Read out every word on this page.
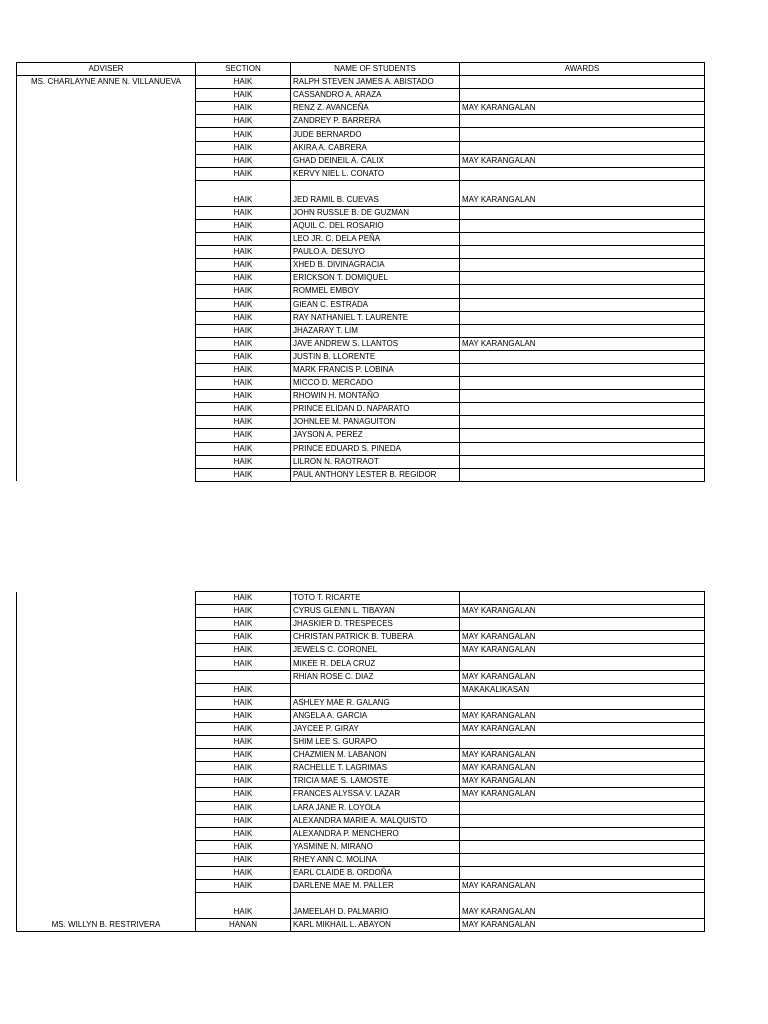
ADVISER	SECTION	NAME OF STUDENTS	AWARDS
MS. CHARLAYNE ANNE N. VILLANUEVA	HAIK	RALPH STEVEN JAMES A. ABISTADO	
	HAIK	CASSANDRO A. ARAZA	
	HAIK	RENZ Z. AVANCEÑA	MAY KARANGALAN
	HAIK	ZANDREY P. BARRERA	
	HAIK	JUDE BERNARDO	
	HAIK	AKIRA A. CABRERA	
	HAIK	GHAD DEINEIL A. CALIX	MAY KARANGALAN
	HAIK	KERVY NIEL L. CONATO	
	HAIK	JED RAMIL B. CUEVAS	MAY KARANGALAN
	HAIK	JOHN RUSSLE B. DE GUZMAN	
	HAIK	AQUIL C. DEL ROSARIO	
	HAIK	LEO JR. C. DELA PEÑA	
	HAIK	PAULO A. DESUYO	
	HAIK	XHED B. DIVINAGRACIA	
	HAIK	ERICKSON T. DOMIQUEL	
	HAIK	ROMMEL EMBOY	
	HAIK	GIEAN C. ESTRADA	
	HAIK	RAY NATHANIEL T. LAURENTE	
	HAIK	JHAZARAY T. LIM	
	HAIK	JAVE ANDREW S. LLANTOS	MAY KARANGALAN
	HAIK	JUSTIN B. LLORENTE	
	HAIK	MARK FRANCIS P. LOBINA	
	HAIK	MICCO D. MERCADO	
	HAIK	RHOWIN H. MONTAÑO	
	HAIK	PRINCE ELIDAN D. NAPARATO	
	HAIK	JOHNLEE M. PANAGUITON	
	HAIK	JAYSON A. PEREZ	
	HAIK	PRINCE EDUARD S. PINEDA	
	HAIK	LILRON N. RAOTRAOT	
	HAIK	PAUL ANTHONY LESTER B. REGIDOR	
	HAIK	TOTO T. RICARTE	
	HAIK	CYRUS GLENN L. TIBAYAN	MAY KARANGALAN
	HAIK	JHASKIER D. TRESPECES	
	HAIK	CHRISTAN PATRICK B. TUBERA	MAY KARANGALAN
	HAIK	JEWELS C. CORONEL	MAY KARANGALAN
	HAIK	MIKEE R. DELA CRUZ	
		RHIAN ROSE C. DIAZ	MAY KARANGALAN
	HAIK		MAKAKALIKASAN
	HAIK	ASHLEY MAE R. GALANG	
	HAIK	ANGELA A. GARCIA	MAY KARANGALAN
	HAIK	JAYCEE P. GIRAY	MAY KARANGALAN
	HAIK	SHIM LEE S. GURAPO	
	HAIK	CHAZMIEN M. LABANON	MAY KARANGALAN
	HAIK	RACHELLE T. LAGRIMAS	MAY KARANGALAN
	HAIK	TRICIA MAE S. LAMOSTE	MAY KARANGALAN
	HAIK	FRANCES ALYSSA V. LAZAR	MAY KARANGALAN
	HAIK	LARA JANE R. LOYOLA	
	HAIK	ALEXANDRA MARIE A. MALQUISTO	
	HAIK	ALEXANDRA P. MENCHERO	
	HAIK	YASMINE N. MIRANO	
	HAIK	RHEY ANN C. MOLINA	
	HAIK	EARL CLAIDE B. ORDOÑA	
	HAIK	DARLENE MAE M. PALLER	MAY KARANGALAN
	HAIK	JAMEELAH D. PALMARIO	MAY KARANGALAN
MS. WILLYN B. RESTRIVERA	HANAN	KARL MIKHAIL L. ABAYON	MAY KARANGALAN
